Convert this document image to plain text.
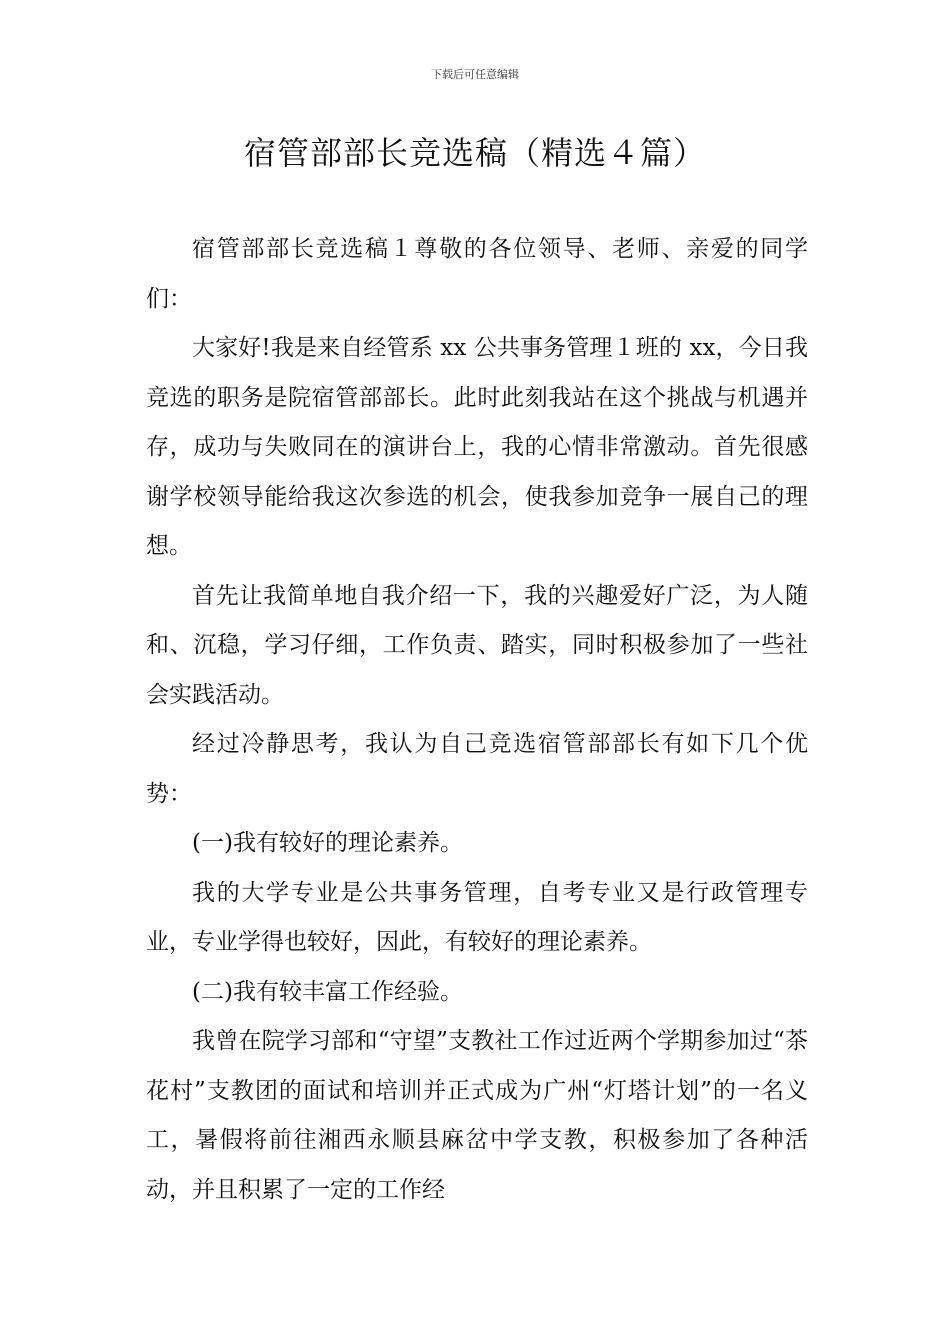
下载后可任意编辑
宿管部部长竞选稿（精选４篇）

宿管部部长竞选稿１尊敬的各位领导、老师、亲爱的同学们：

大家好!我是来自经管系 xx 公共事务管理１班的 xx，今日我竞选的职务是院宿管部部长。此时此刻我站在这个挑战与机遇并存，成功与失败同在的演讲台上，我的心情非常激动。首先很感谢学校领导能给我这次参选的机会，使我参加竞争一展自己的理想。

首先让我简单地自我介绍一下，我的兴趣爱好广泛，为人随和、沉稳，学习仔细，工作负责、踏实，同时积极参加了一些社会实践活动。

经过冷静思考，我认为自己竞选宿管部部长有如下几个优势：

(一)我有较好的理论素养。

我的大学专业是公共事务管理，自考专业又是行政管理专业，专业学得也较好，因此，有较好的理论素养。

(二)我有较丰富工作经验。

我曾在院学习部和“守望”支教社工作过近两个学期参加过“茶花村”支教团的面试和培训并正式成为广州“灯塔计划”的一名义工，暑假将前往湘西永顺县麻岔中学支教，积极参加了各种活动，并且积累了一定的工作经
